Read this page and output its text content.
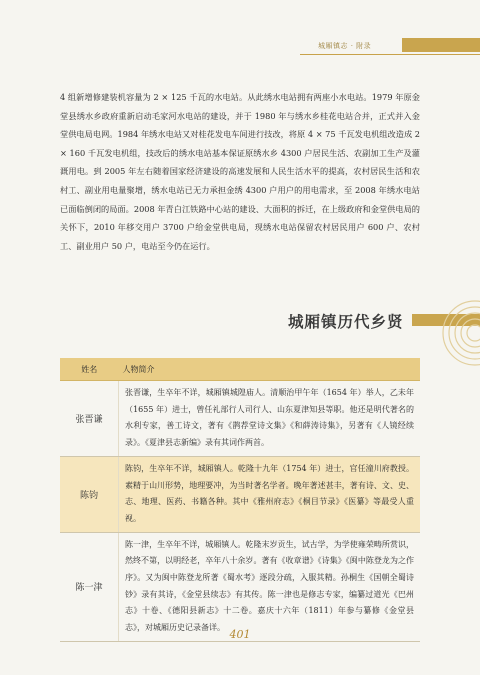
城厢镇志 · 附录

4 组新增修建装机容量为 2 × 125 千瓦的水电站。从此绣水电站拥有两座小水电站。1979 年原金堂县绣水乡政府重新启动毛家河水电站的建设，并于 1980 年与绣水乡桂花电站合并，正式并入金堂供电局电网。1984 年绣水电站又对桂花发电车间进行技改，将原 4 × 75 千瓦发电机组改造成 2 × 160 千瓦发电机组，技改后的绣水电站基本保证原绣水乡 4300 户居民生活、农副加工生产及灌溉用电。到 2005 年左右随着国家经济建设的高速发展和人民生活水平的提高，农村居民生活和农村工、副业用电量聚增，绣水电站已无力承担金绣 4300 户用户的用电需求，至 2008 年绣水电站已面临倒闭的局面。2008 年青白江铁路中心站的建设、大面积的拆迁，在上级政府和金堂供电局的关怀下，2010 年移交用户 3700 户给金堂供电局，现绣水电站保留农村居民用户 600 户、农村工、副业用户 50 户，电站至今仍在运行。

城厢镇历代乡贤
姓名	人物简介
张晋谦	张晋谦，生卒年不详，城厢镇城隍庙人。清顺治甲午年（1654 年）举人，乙未年（1655 年）进士，曾任礼部行人司行人、山东夏津知县等职。他还是明代著名的水利专家，善工诗文，著有《鹊荐堂诗文集》《和薛涛诗集》，另著有《人镜经续录》。《夏津县志新编》录有其词作两首。
陈钧	陈钧，生卒年不详，城厢镇人。乾隆十九年（1754 年）进士，官任潼川府教授。素精于山川形势，地理要冲，为当时著名学者。晚年著述甚丰，著有诗、文、史、志、地理、医药、书籍各种。其中《雅州府志》《桐目节录》《医纂》等最受人重视。
陈一津	陈一津，生卒年不详，城厢镇人。乾隆末岁贡生，试古学，为学使雍荣畴所赏识，然终不第，以明经老，卒年八十余岁。著有《收章谱》《诗集》《闽中陈登龙为之作序》。又为闽中陈登龙所著《蜀水考》逐段分疏，入服其精。孙桐生《国朝全蜀诗钞》录有其诗，《金堂县续志》有其传。陈一津也是修志专家，编纂过道光《巴州志》十卷、《德阳县新志》十二卷。嘉庆十六年（1811）年参与纂修《金堂县志》，对城厢历史记录备详。
401
